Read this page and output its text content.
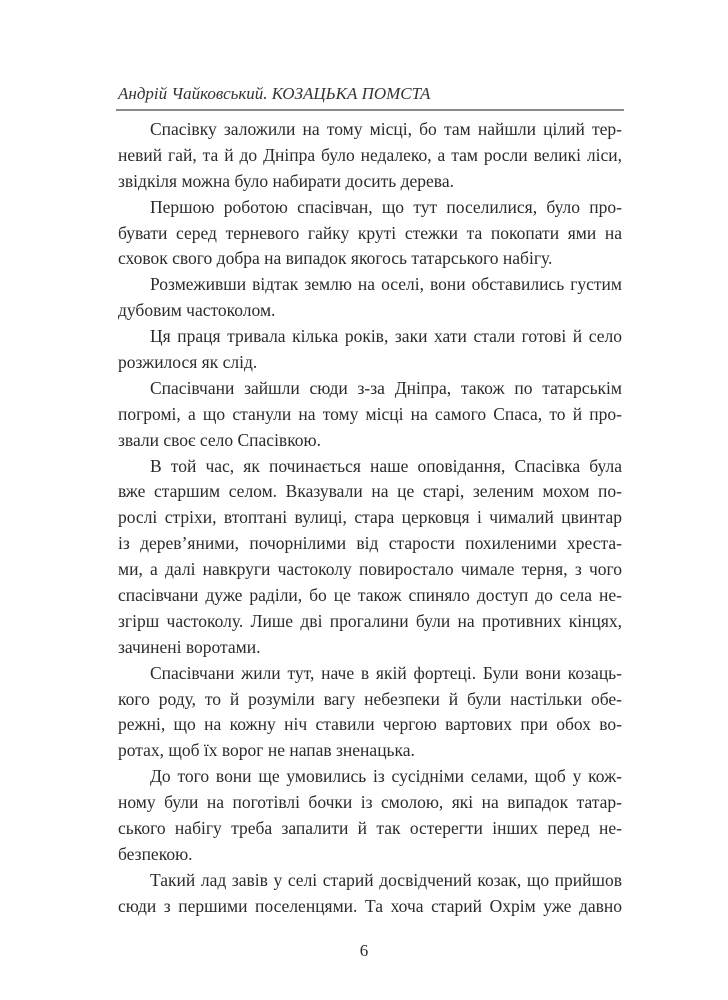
Андрій Чайковський. КОЗАЦЬКА ПОМСТА
Спасівку заложили на тому місці, бо там найшли цілий тер-
невий гай, та й до Дніпра було недалеко, а там росли великі ліси,
звідкіля можна було набирати досить дерева.
Першою роботою спасівчан, що тут поселилися, було про-
бувати серед терневого гайку круті стежки та покопати ями на
сховок свого добра на випадок якогось татарського набігу.
Розмеживши відтак землю на оселі, вони обставились густим
дубовим частоколом.
Ця праця тривала кілька років, заки хати стали готові й село
розжилося як слід.
Спасівчани зайшли сюди з-за Дніпра, також по татарськім
погромі, а що станули на тому місці на самого Спаса, то й про-
звали своє село Спасівкою.
В той час, як починається наше оповідання, Спасівка була
вже старшим селом. Вказували на це старі, зеленим мохом по-
рослі стріхи, втоптані вулиці, стара церковця і чималий цвинтар
із дерев’яними, почорнілими від старости похиленими хреста-
ми, а далі навкруги частоколу повиростало чимале терня, з чого
спасівчани дуже раділи, бо це також спиняло доступ до села не-
згірш частоколу. Лише дві прогалини були на противних кінцях,
зачинені воротами.
Спасівчани жили тут, наче в якій фортеці. Були вони козаць-
кого роду, то й розуміли вагу небезпеки й були настільки обе-
режні, що на кожну ніч ставили чергою вартових при обох во-
ротах, щоб їх ворог не напав зненацька.
До того вони ще умовились із сусідніми селами, щоб у кож-
ному були на поготівлі бочки із смолою, які на випадок татар-
ського набігу треба запалити й так остерегти інших перед не-
безпекою.
Такий лад завів у селі старий досвідчений козак, що прийшов
сюди з першими поселенцями. Та хоча старий Охрім уже давно
6
